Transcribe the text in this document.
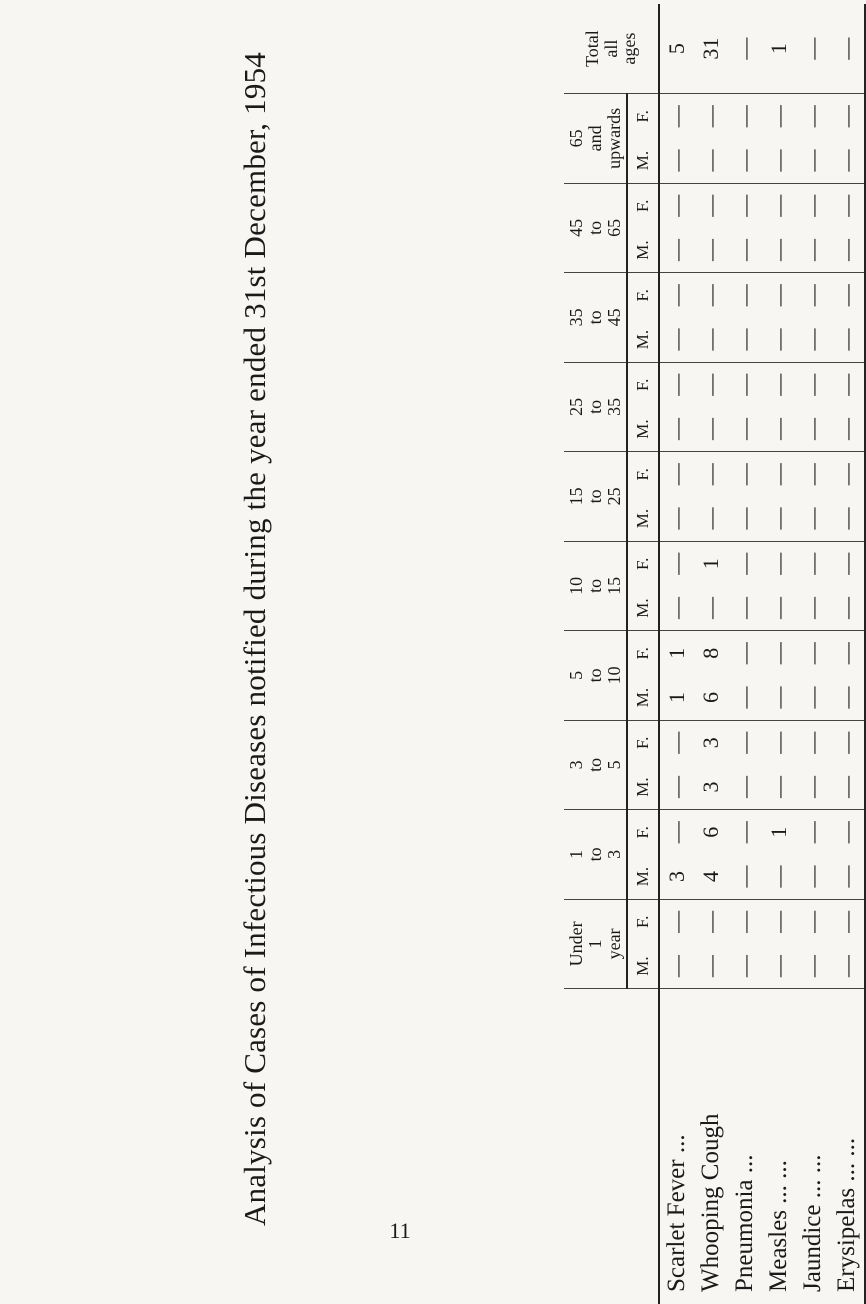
Analysis of Cases of Infectious Diseases notified during the year ended 31st December, 1954
		Under
1
year		1
to
3		3
to
5		5
to
10		10
to
15		15
to
25		25
to
35		35
to
45		45
to
65		65
and
upwards		Total
all
ages
	M.	F.	M.	F.	M.	F.	M.	F.	M.	F.	M.	F.	M.	F.	M.	F.	M.	F.	M.	F.	
Scarlet Fever ...	—	—	3	—	—	—	1	1	—	—	—	—	—	—	—	—	—	—	—	—	5
Whooping Cough	—	—	4	6	3	3	6	8	—	1	—	—	—	—	—	—	—	—	—	—	31
Pneumonia ...	—	—	—	—	—	—	—	—	—	—	—	—	—	—	—	—	—	—	—	—	—
Measles ... ...	—	—	—	1	—	—	—	—	—	—	—	—	—	—	—	—	—	—	—	—	1
Jaundice ... ...	—	—	—	—	—	—	—	—	—	—	—	—	—	—	—	—	—	—	—	—	—
Erysipelas ... ...	—	—	—	—	—	—	—	—	—	—	—	—	—	—	—	—	—	—	—	—	—
11
